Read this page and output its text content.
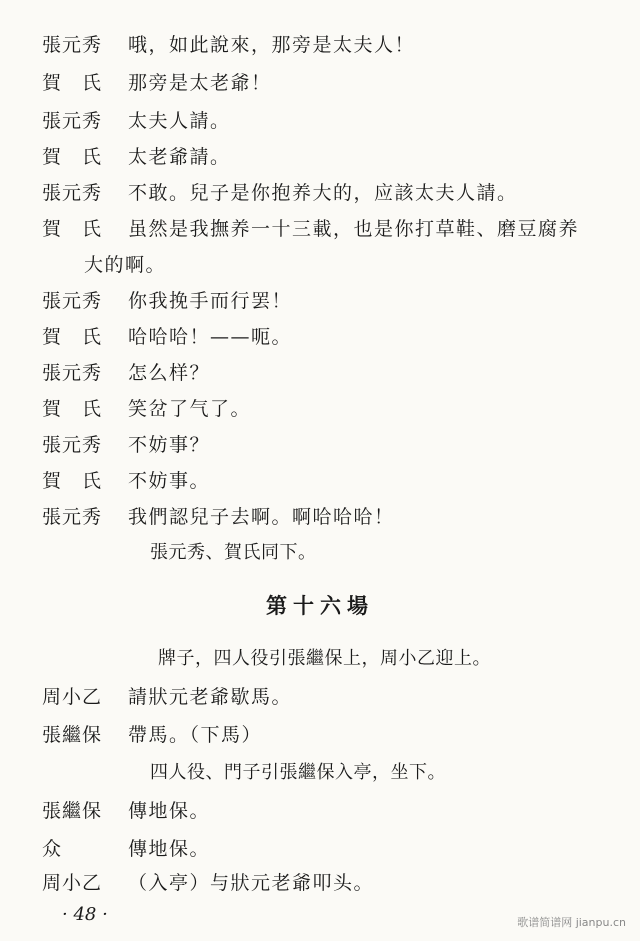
張元秀 哦，如此說來，那旁是太夫人！
賀　氏 那旁是太老爺！
張元秀 太夫人請。
賀　氏 太老爺請。
張元秀 不敢。兒子是你抱养大的，应該太夫人請。
賀　氏 虽然是我撫养一十三載，也是你打草鞋、磨豆腐养
大的啊。
張元秀 你我挽手而行罢！
賀　氏 哈哈哈！——呃。
張元秀 怎么样？
賀　氏 笑岔了气了。
張元秀 不妨事？
賀　氏 不妨事。
張元秀 我們認兒子去啊。啊哈哈哈！
張元秀、賀氏同下。
第十六場
牌子，四人役引張繼保上，周小乙迎上。
周小乙 請狀元老爺歇馬。
張繼保 帶馬。（下馬）
四人役、門子引張繼保入亭，坐下。
張繼保 傳地保。
众	傳地保。
周小乙 （入亭）与狀元老爺叩头。
· 48 ·	歌谱简谱网 jianpu.cn
